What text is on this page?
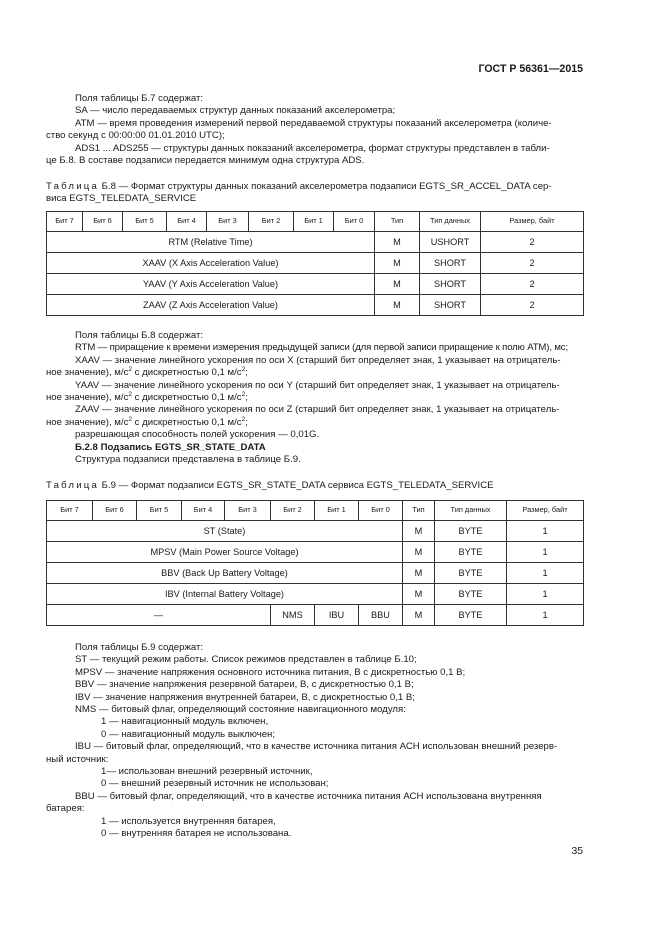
ГОСТ Р 56361—2015

Поля таблицы Б.7 содержат:

SA — число передаваемых структур данных показаний акселерометра;

ATM — время проведения измерений первой передаваемой структуры показаний акселерометра (количе-

ство секунд с 00:00:00 01.01.2010 UTC);

ADS1 ... ADS255 — структуры данных показаний акселерометра, формат структуры представлен в табли-

це Б.8. В составе подзаписи передается минимум одна структура ADS.

Таблица Б.8 — Формат структуры данных показаний акселерометра подзаписи EGTS_SR_ACCEL_DATA сер-

виса EGTS_TELEDATA_SERVICE

Бит 7	Бит 6	Бит 5	Бит 4	Бит 3	Бит 2	Бит 1	Бит 0	Тип	Тип данных	Размер, байт
RTM (Relative Time)								M	USHORT	2
XAAV (X Axis Acceleration Value)								M	SHORT	2
YAAV (Y Axis Acceleration Value)								M	SHORT	2
ZAAV (Z Axis Acceleration Value)								M	SHORT	2

Поля таблицы Б.8 содержат:

RTM — приращение к времени измерения предыдущей записи (для первой записи приращение к полю ATM), мс;

XAAV — значение линейного ускорения по оси X (старший бит определяет знак, 1 указывает на отрицатель-

ное значение), $м/с^2$ с дискретностью 0,1 $м/с^2$;

YAAV — значение линейного ускорения по оси Y (старший бит определяет знак, 1 указывает на отрицатель-

ное значение), $м/с^2$ с дискретностью 0,1 $м/с^2$;

ZAAV — значение линейного ускорения по оси Z (старший бит определяет знак, 1 указывает на отрицатель-

ное значение), $м/с^2$ с дискретностью 0,1 $м/с^2$;

разрешающая способность полей ускорения — 0,01G.

Б.2.8 Подзапись EGTS_SR_STATE_DATA

Структура подзаписи представлена в таблице Б.9.

Таблица Б.9 — Формат подзаписи EGTS_SR_STATE_DATA сервиса EGTS_TELEDATA_SERVICE

Бит 7	Бит 6	Бит 5	Бит 4	Бит 3	Бит 2	Бит 1	Бит 0	Тип	Тип данных	Размер, байт
ST (State)								M	BYTE	1
MPSV (Main Power Source Voltage)								M	BYTE	1
BBV (Back Up Battery Voltage)								M	BYTE	1
IBV (Internal Battery Voltage)								M	BYTE	1
—					NMS	IBU	BBU	M	BYTE	1

Поля таблицы Б.9 содержат:

ST — текущий режим работы. Список режимов представлен в таблице Б.10;

MPSV — значение напряжения основного источника питания, В с дискретностью 0,1 В;

BBV — значение напряжения резервной батареи, В, с дискретностью 0,1 В;

IBV — значение напряжения внутренней батареи, В, с дискретностью 0,1 В;

NMS — битовый флаг, определяющий состояние навигационного модуля:

1 — навигационный модуль включен,

0 — навигационный модуль выключен;

IBU — битовый флаг, определяющий, что в качестве источника питания АСН использован внешний резерв-

ный источник:

1— использован внешний резервный источник,

0 — внешний резервный источник не использован;

BBU — битовый флаг, определяющий, что в качестве источника питания АСН использована внутренняя

батарея:

1 — используется внутренняя батарея,

0 — внутренняя батарея не использована.

35
